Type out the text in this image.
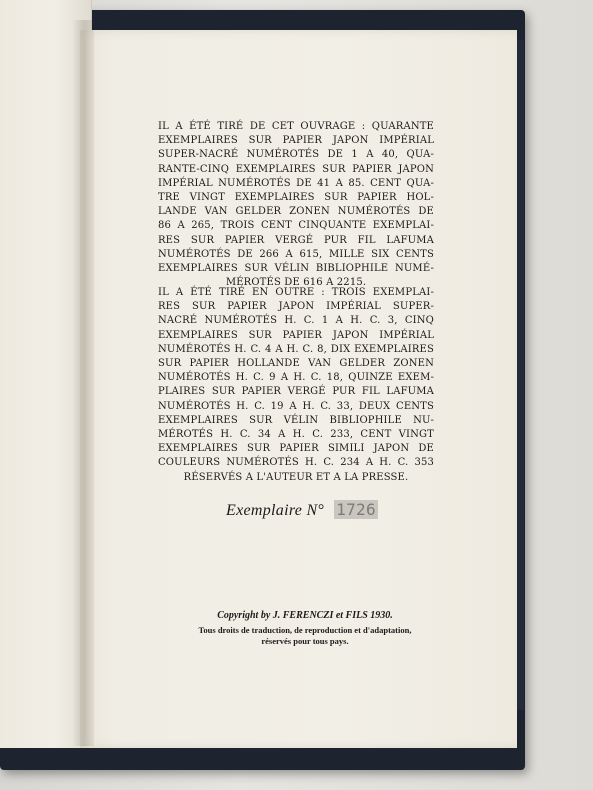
IL A ÉTÉ TIRÉ DE CET OUVRAGE : QUARANTE
EXEMPLAIRES SUR PAPIER JAPON IMPÉRIAL
SUPER-NACRÉ NUMÉROTÉS DE 1 A 40, QUA-
RANTE-CINQ EXEMPLAIRES SUR PAPIER JAPON
IMPÉRIAL NUMÉROTÉS DE 41 A 85. CENT QUA-
TRE VINGT EXEMPLAIRES SUR PAPIER HOL-
LANDE VAN GELDER ZONEN NUMÉROTÉS DE
86 A 265, TROIS CENT CINQUANTE EXEMPLAI-
RES SUR PAPIER VERGÉ PUR FIL LAFUMA
NUMÉROTÉS DE 266 A 615, MILLE SIX CENTS
EXEMPLAIRES SUR VÉLIN BIBLIOPHILE NUMÉ-
MÉROTÉS DE 616 A 2215.
IL A ÉTÉ TIRÉ EN OUTRE : TROIS EXEMPLAI-
RES SUR PAPIER JAPON IMPÉRIAL SUPER-
NACRÉ NUMÉROTÉS H. C. 1 A H. C. 3, CINQ
EXEMPLAIRES SUR PAPIER JAPON IMPÉRIAL
NUMÉROTÉS H. C. 4 A H. C. 8, DIX EXEMPLAIRES
SUR PAPIER HOLLANDE VAN GELDER ZONEN
NUMÉROTÉS H. C. 9 A H. C. 18, QUINZE EXEM-
PLAIRES SUR PAPIER VERGÉ PUR FIL LAFUMA
NUMÉROTÉS H. C. 19 A H. C. 33, DEUX CENTS
EXEMPLAIRES SUR VÉLIN BIBLIOPHILE NU-
MÉROTÉS H. C. 34 A H. C. 233, CENT VINGT
EXEMPLAIRES SUR PAPIER SIMILI JAPON DE
COULEURS NUMÉROTÉS H. C. 234 A H. C. 353
RÉSERVÉS A L'AUTEUR ET A LA PRESSE.
Exemplaire N° 1726
Copyright by J. FERENCZI et FILS 1930.
Tous droits de traduction, de reproduction et d'adaptation,
réservés pour tous pays.
